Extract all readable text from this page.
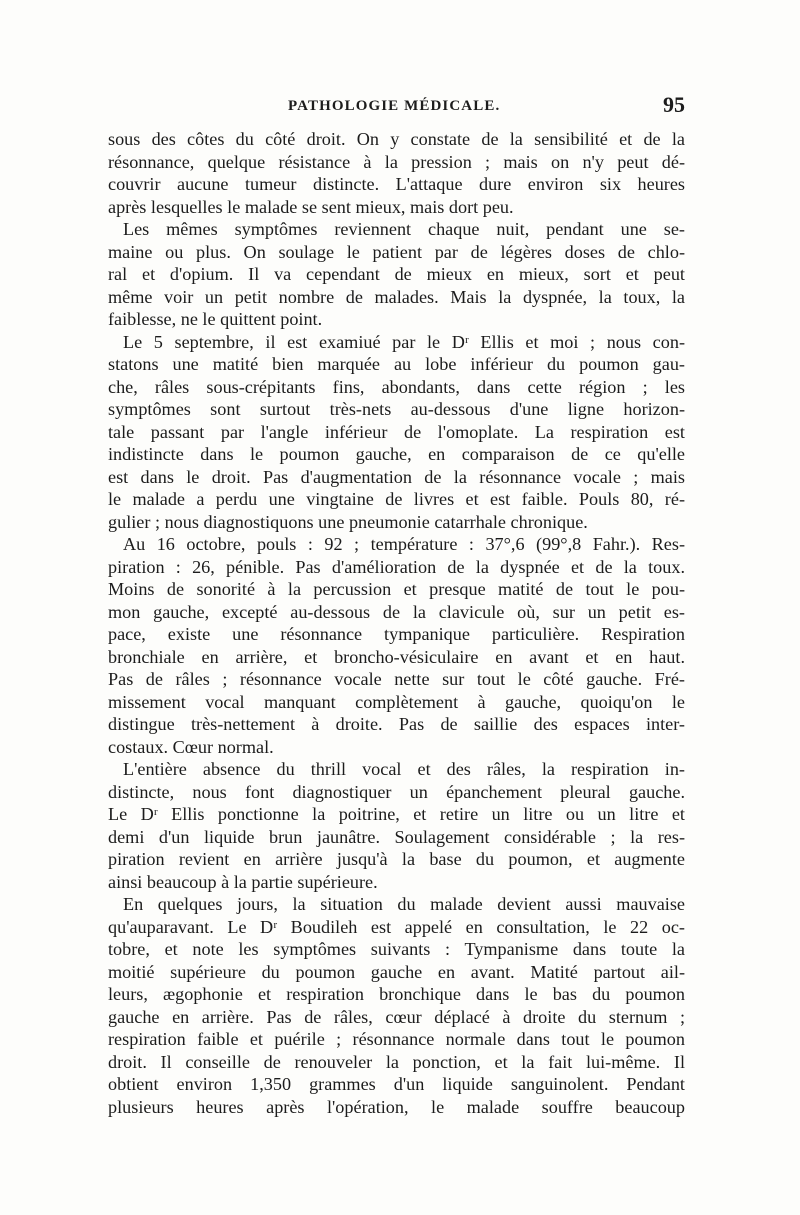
PATHOLOGIE MÉDICALE.	95
sous des côtes du côté droit. On y constate de la sensibilité et de la
résonnance, quelque résistance à la pression ; mais on n'y peut dé-
couvrir aucune tumeur distincte. L'attaque dure environ six heures
après lesquelles le malade se sent mieux, mais dort peu.
Les mêmes symptômes reviennent chaque nuit, pendant une se-
maine ou plus. On soulage le patient par de légères doses de chlo-
ral et d'opium. Il va cependant de mieux en mieux, sort et peut
même voir un petit nombre de malades. Mais la dyspnée, la toux, la
faiblesse, ne le quittent point.
Le 5 septembre, il est examiué par le Dʳ Ellis et moi ; nous con-
statons une matité bien marquée au lobe inférieur du poumon gau-
che, râles sous-crépitants fins, abondants, dans cette région ; les
symptômes sont surtout très-nets au-dessous d'une ligne horizon-
tale passant par l'angle inférieur de l'omoplate. La respiration est
indistincte dans le poumon gauche, en comparaison de ce qu'elle
est dans le droit. Pas d'augmentation de la résonnance vocale ; mais
le malade a perdu une vingtaine de livres et est faible. Pouls 80, ré-
gulier ; nous diagnostiquons une pneumonie catarrhale chronique.
Au 16 octobre, pouls : 92 ; température : 37°,6 (99°,8 Fahr.). Res-
piration : 26, pénible. Pas d'amélioration de la dyspnée et de la toux.
Moins de sonorité à la percussion et presque matité de tout le pou-
mon gauche, excepté au-dessous de la clavicule où, sur un petit es-
pace, existe une résonnance tympanique particulière. Respiration
bronchiale en arrière, et broncho-vésiculaire en avant et en haut.
Pas de râles ; résonnance vocale nette sur tout le côté gauche. Fré-
missement vocal manquant complètement à gauche, quoiqu'on le
distingue très-nettement à droite. Pas de saillie des espaces inter-
costaux. Cœur normal.
L'entière absence du thrill vocal et des râles, la respiration in-
distincte, nous font diagnostiquer un épanchement pleural gauche.
Le Dʳ Ellis ponctionne la poitrine, et retire un litre ou un litre et
demi d'un liquide brun jaunâtre. Soulagement considérable ; la res-
piration revient en arrière jusqu'à la base du poumon, et augmente
ainsi beaucoup à la partie supérieure.
En quelques jours, la situation du malade devient aussi mauvaise
qu'auparavant. Le Dʳ Boudileh est appelé en consultation, le 22 oc-
tobre, et note les symptômes suivants : Tympanisme dans toute la
moitié supérieure du poumon gauche en avant. Matité partout ail-
leurs, ægophonie et respiration bronchique dans le bas du poumon
gauche en arrière. Pas de râles, cœur déplacé à droite du sternum ;
respiration faible et puérile ; résonnance normale dans tout le poumon
droit. Il conseille de renouveler la ponction, et la fait lui-même. Il
obtient environ 1,350 grammes d'un liquide sanguinolent. Pendant
plusieurs heures après l'opération, le malade souffre beaucoup
